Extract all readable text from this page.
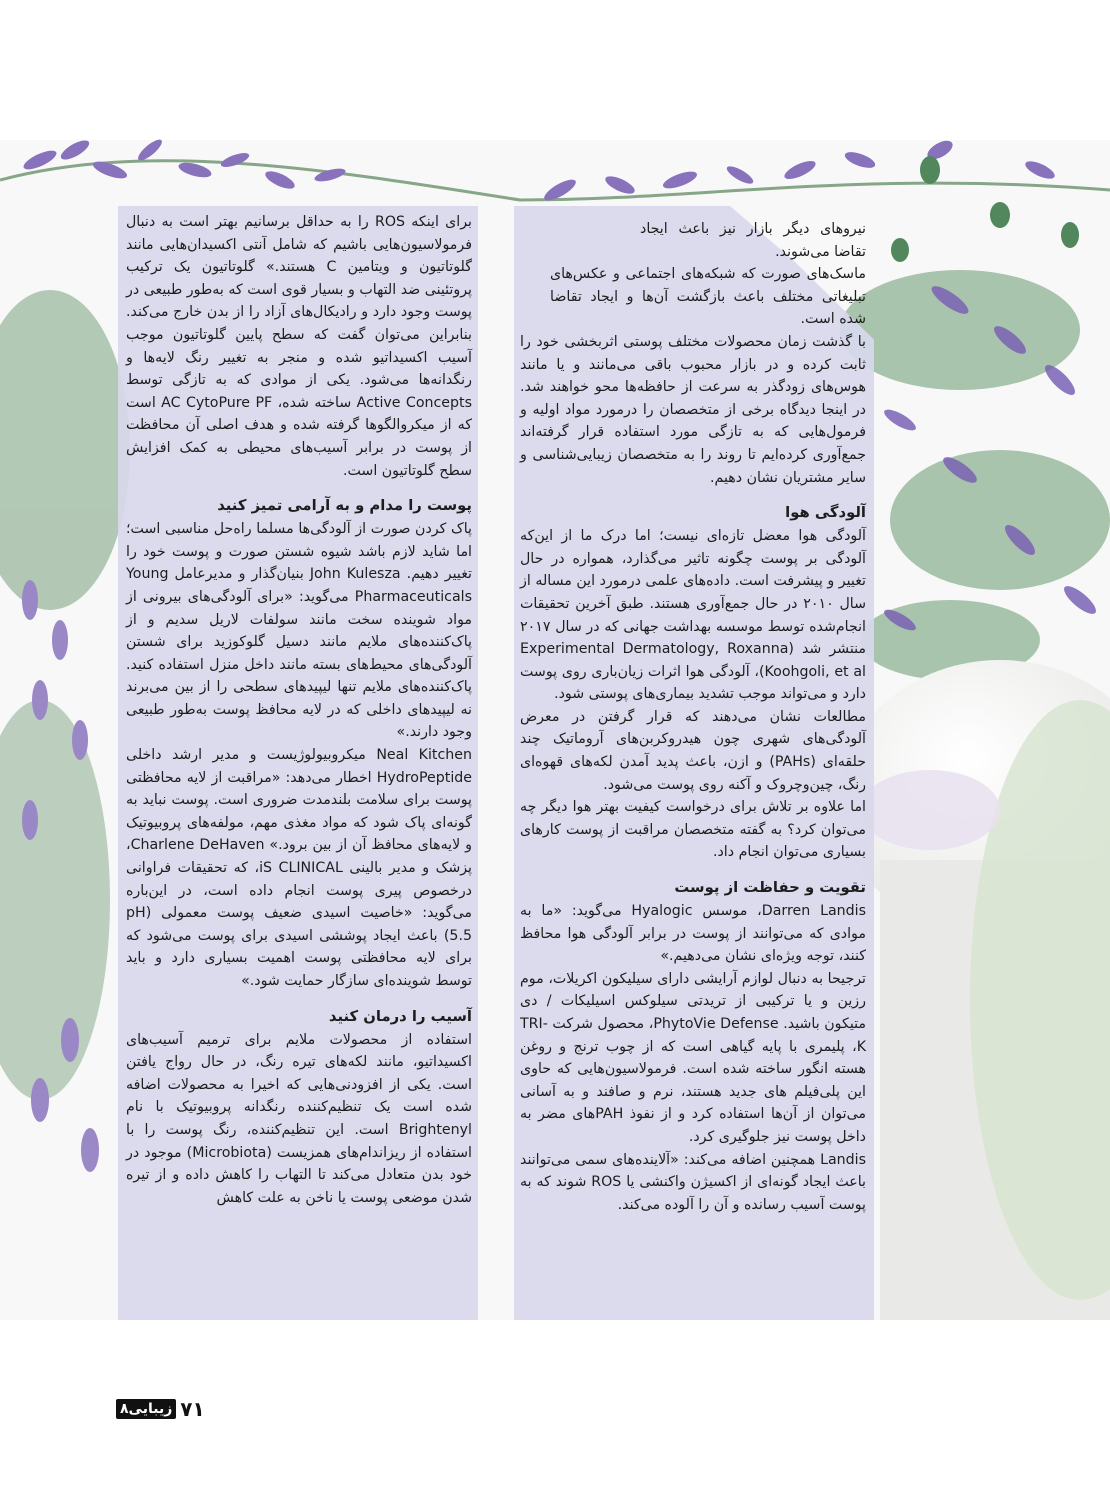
نیروهای دیگر بازار نیز باعث ایجاد تقاضا می‌شوند.

ماسک‌های صورت که شبکه‌های اجتماعی و عکس‌های تبلیغاتی مختلف باعث بازگشت آن‌ها و ایجاد تقاضا شده است.

با گذشت زمان محصولات مختلف پوستی اثربخشی خود را ثابت کرده و در بازار محبوب باقی می‌مانند و یا مانند هوس‌های زودگذر به سرعت از حافظه‌ها محو خواهند شد. در اینجا دیدگاه برخی از متخصصان را درمورد مواد اولیه و فرمول‌هایی که به تازگی مورد استفاده قرار گرفته‌اند جمع‌آوری کرده‌ایم تا روند را به متخصصان زیبایی‌شناسی و سایر مشتریان نشان دهیم.

آلودگی هوا

آلودگی هوا معضل تازه‌ای نیست؛ اما درک ما از این‌که آلودگی بر پوست چگونه تاثیر می‌گذارد، همواره در حال تغییر و پیشرفت است. داده‌های علمی درمورد این مساله از سال ۲۰۱۰ در حال جمع‌آوری هستند. طبق آخرین تحقیقات انجام‌شده توسط موسسه بهداشت جهانی که در سال ۲۰۱۷ منتشر شد (Experimental Dermatology, Roxanna Koohgoli, et al)، آلودگی هوا اثرات زیان‌باری روی پوست دارد و می‌تواند موجب تشدید بیماری‌های پوستی شود.

مطالعات نشان می‌دهند که قرار گرفتن در معرض آلودگی‌های شهری چون هیدروکربن‌های آروماتیک چند حلقه‌ای (PAHs) و ازن، باعث پدید آمدن لکه‌های قهوه‌ای رنگ، چین‌وچروک و آکنه روی پوست می‌شود.

اما علاوه بر تلاش برای درخواست کیفیت بهتر هوا دیگر چه می‌توان کرد؟ به گفته متخصصان مراقبت از پوست کارهای بسیاری می‌توان انجام داد.

تقویت و حفاظت از پوست

Darren Landis، موسس Hyalogic می‌گوید: «ما به موادی که می‌توانند از پوست در برابر آلودگی هوا محافظ کنند، توجه ویژه‌ای نشان می‌دهیم.»

ترجیحا به دنبال لوازم آرایشی دارای سیلیکون اکریلات، موم رزین و یا ترکیبی از تریدتی سیلوکس اسیلیکات / دی متیکون باشید. PhytoVie Defense، محصول شرکت TRI-K، پلیمری با پایه گیاهی است که از چوب ترنج و روغن هسته انگور ساخته شده است. فرمولاسیون‌هایی که حاوی این پلی‌فیلم های جدید هستند، نرم و صافند و به آسانی می‌توان از آن‌ها استفاده کرد و از نفوذ PAHهای مضر به داخل پوست نیز جلوگیری کرد.

Landis همچنین اضافه می‌کند: «آلاینده‌های سمی می‌توانند باعث ایجاد گونه‌ای از اکسیژن واکنشی یا ROS شوند که به پوست آسیب رسانده و آن را آلوده می‌کند.

برای اینکه ROS را به حداقل برسانیم بهتر است به دنبال فرمولاسیون‌هایی باشیم که شامل آنتی اکسیدان‌هایی مانند گلوتاتیون و ویتامین C هستند.» گلوتاتیون یک ترکیب پروتئینی ضد التهاب و بسیار قوی است که به‌طور طبیعی در پوست وجود دارد و رادیکال‌های آزاد را از بدن خارج می‌کند. بنابراین می‌توان گفت که سطح پایین گلوتاتیون موجب آسیب اکسیداتیو شده و منجر به تغییر رنگ لایه‌ها و رنگدانه‌ها می‌شود. یکی از موادی که به تازگی توسط Active Concepts ساخته شده، AC CytoPure PF است که از میکروالگوها گرفته شده و هدف اصلی آن محافظت از پوست در برابر آسیب‌های محیطی به کمک افزایش سطح گلوتاتیون است.

پوست را مدام و به آرامی تمیز کنید

پاک کردن صورت از آلودگی‌ها مسلما راه‌حل مناسبی است؛ اما شاید لازم باشد شیوه شستن صورت و پوست خود را تغییر دهیم. John Kulesza بنیان‌گذار و مدیرعامل Young Pharmaceuticals می‌گوید: «برای آلودگی‌های بیرونی از مواد شوینده سخت مانند سولفات لاریل سدیم و از پاک‌کننده‌های ملایم مانند دسیل گلوکوزید برای شستن آلودگی‌های محیط‌های بسته مانند داخل منزل استفاده کنید. پاک‌کننده‌های ملایم تنها لیپیدهای سطحی را از بین می‌برند نه لیپیدهای داخلی که در لایه محافظ پوست به‌طور طبیعی وجود دارند.»

Neal Kitchen میکروبیولوژیست و مدیر ارشد داخلی HydroPeptide اخطار می‌دهد: «مراقبت از لایه محافظتی پوست برای سلامت بلندمدت ضروری است. پوست نباید به گونه‌ای پاک شود که مواد مغذی مهم، مولفه‌های پروبیوتیک و لایه‌های محافظ آن از بین برود.» Charlene DeHaven، پزشک و مدیر بالینی iS CLINICAL، که تحقیقات فراوانی درخصوص پیری پوست انجام داده است، در این‌باره می‌گوید: «خاصیت اسیدی ضعیف پوست معمولی (pH 5.5) باعث ایجاد پوششی اسیدی برای پوست می‌شود که برای لایه محافظتی پوست اهمیت بسیاری دارد و باید توسط شوینده‌ای سازگار حمایت شود.»

آسیب را درمان کنید

استفاده از محصولات ملایم برای ترمیم آسیب‌های اکسیداتیو، مانند لکه‌های تیره رنگ، در حال رواج یافتن است. یکی از افزودنی‌هایی که اخیرا به محصولات اضافه شده است یک تنظیم‌کننده رنگدانه پروبیوتیک با نام Brightenyl است. این تنظیم‌کننده، رنگ پوست را با استفاده از ریزاندام‌های همزیست (Microbiota) موجود در خود بدن متعادل می‌کند تا التهاب را کاهش داده و از تیره شدن موضعی پوست یا ناخن به علت کاهش

زیبایی۸ ۷۱
